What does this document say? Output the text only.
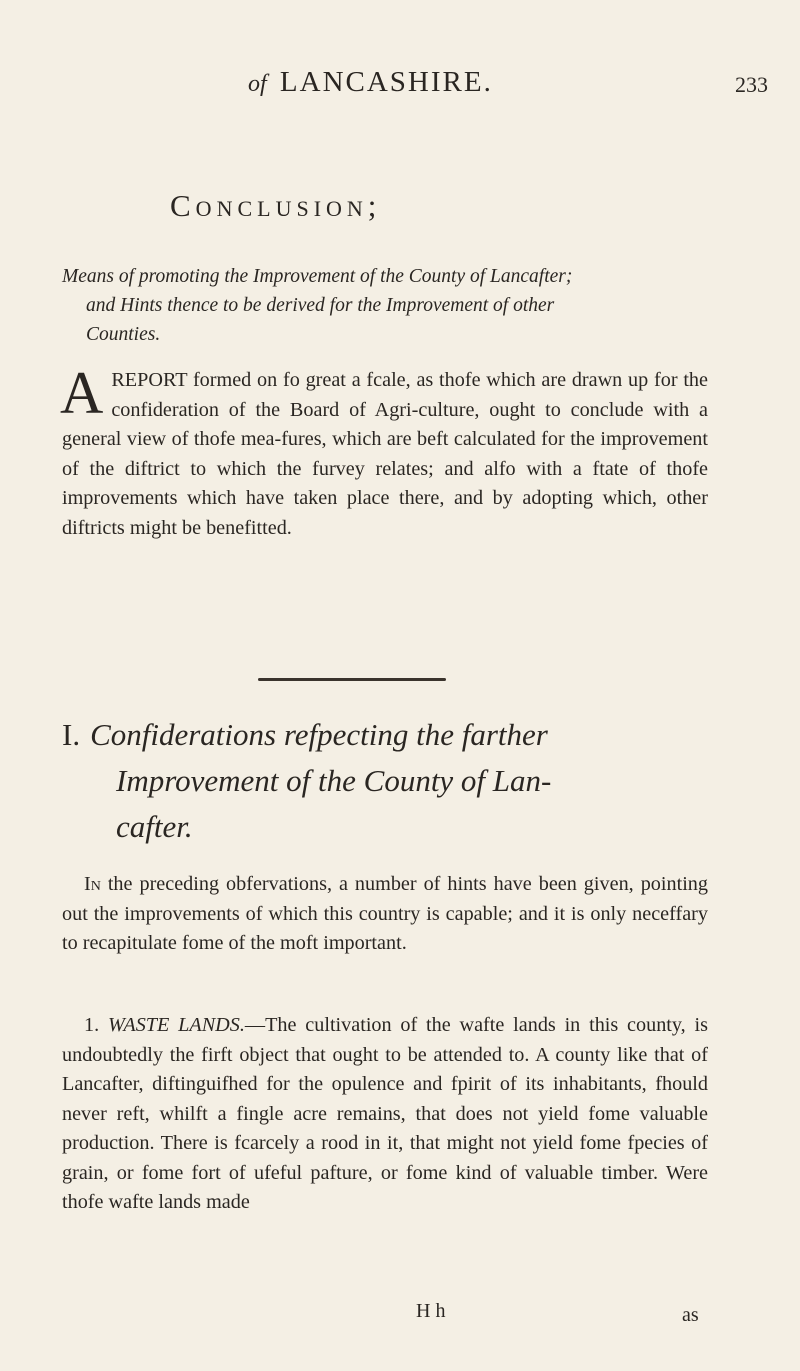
of LANCASHIRE.	233
Conclusion;
Means of promoting the Improvement of the County of Lancafter;
and Hints thence to be derived for the Improvement of other
Counties.
AREPORT formed on fo great a fcale, as thofe which are drawn up for the confideration of the Board of Agri-culture, ought to conclude with a general view of thofe mea-fures, which are beft calculated for the improvement of the diftrict to which the furvey relates; and alfo with a ftate of thofe improvements which have taken place there, and by adopting which, other diftricts might be benefitted.
I. Confiderations refpecting the farther
Improvement of the County of Lan-
cafter.
In the preceding obfervations, a number of hints have been given, pointing out the improvements of which this country is capable; and it is only neceffary to recapitulate fome of the moft important.
1. WASTE LANDS.—The cultivation of the wafte lands in this county, is undoubtedly the firft object that ought to be attended to. A county like that of Lancafter, diftinguifhed for the opulence and fpirit of its inhabitants, fhould never reft, whilft a fingle acre remains, that does not yield fome valuable production. There is fcarcely a rood in it, that might not yield fome fpecies of grain, or fome fort of ufeful pafture, or fome kind of valuable timber. Were thofe wafte lands made
H h	as
